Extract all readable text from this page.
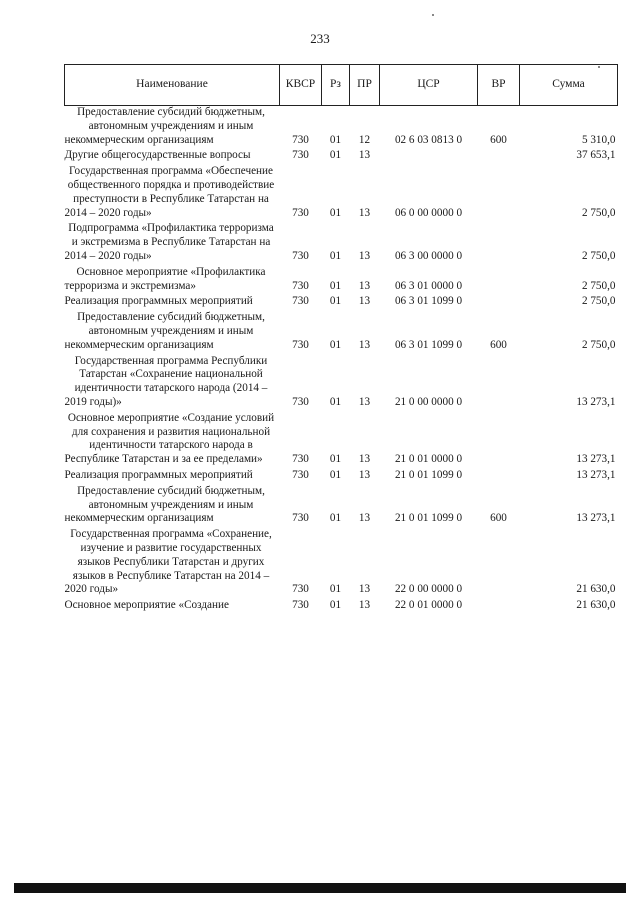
233
Наименование	КВСР	Рз	ПР	ЦСР	ВР	Сумма
Предоставление субсидий бюджетным, автономным учреждениям и иным некоммерческим организациям	730	01	12	02 6 03 0813 0	600	5 310,0
Другие общегосударственные вопросы	730	01	13			37 653,1
Государственная программа «Обеспечение общественного порядка и противодействие преступности в Республике Татарстан на 2014 – 2020 годы»	730	01	13	06 0 00 0000 0		2 750,0
Подпрограмма «Профилактика терроризма и экстремизма в Республике Татарстан на 2014 – 2020 годы»	730	01	13	06 3 00 0000 0		2 750,0
Основное мероприятие «Профилактика терроризма и экстремизма»	730	01	13	06 3 01 0000 0		2 750,0
Реализация программных мероприятий	730	01	13	06 3 01 1099 0		2 750,0
Предоставление субсидий бюджетным, автономным учреждениям и иным некоммерческим организациям	730	01	13	06 3 01 1099 0	600	2 750,0
Государственная программа Республики Татарстан «Сохранение национальной идентичности татарского народа (2014 – 2019 годы)»	730	01	13	21 0 00 0000 0		13 273,1
Основное мероприятие «Создание условий для сохранения и развития национальной идентичности татарского народа в Республике Татарстан и за ее пределами»	730	01	13	21 0 01 0000 0		13 273,1
Реализация программных мероприятий	730	01	13	21 0 01 1099 0		13 273,1
Предоставление субсидий бюджетным, автономным учреждениям и иным некоммерческим организациям	730	01	13	21 0 01 1099 0	600	13 273,1
Государственная программа «Сохранение, изучение и развитие государственных языков Республики Татарстан и других языков в Республике Татарстан на 2014 – 2020 годы»	730	01	13	22 0 00 0000 0		21 630,0
Основное мероприятие «Создание	730	01	13	22 0 01 0000 0		21 630,0
